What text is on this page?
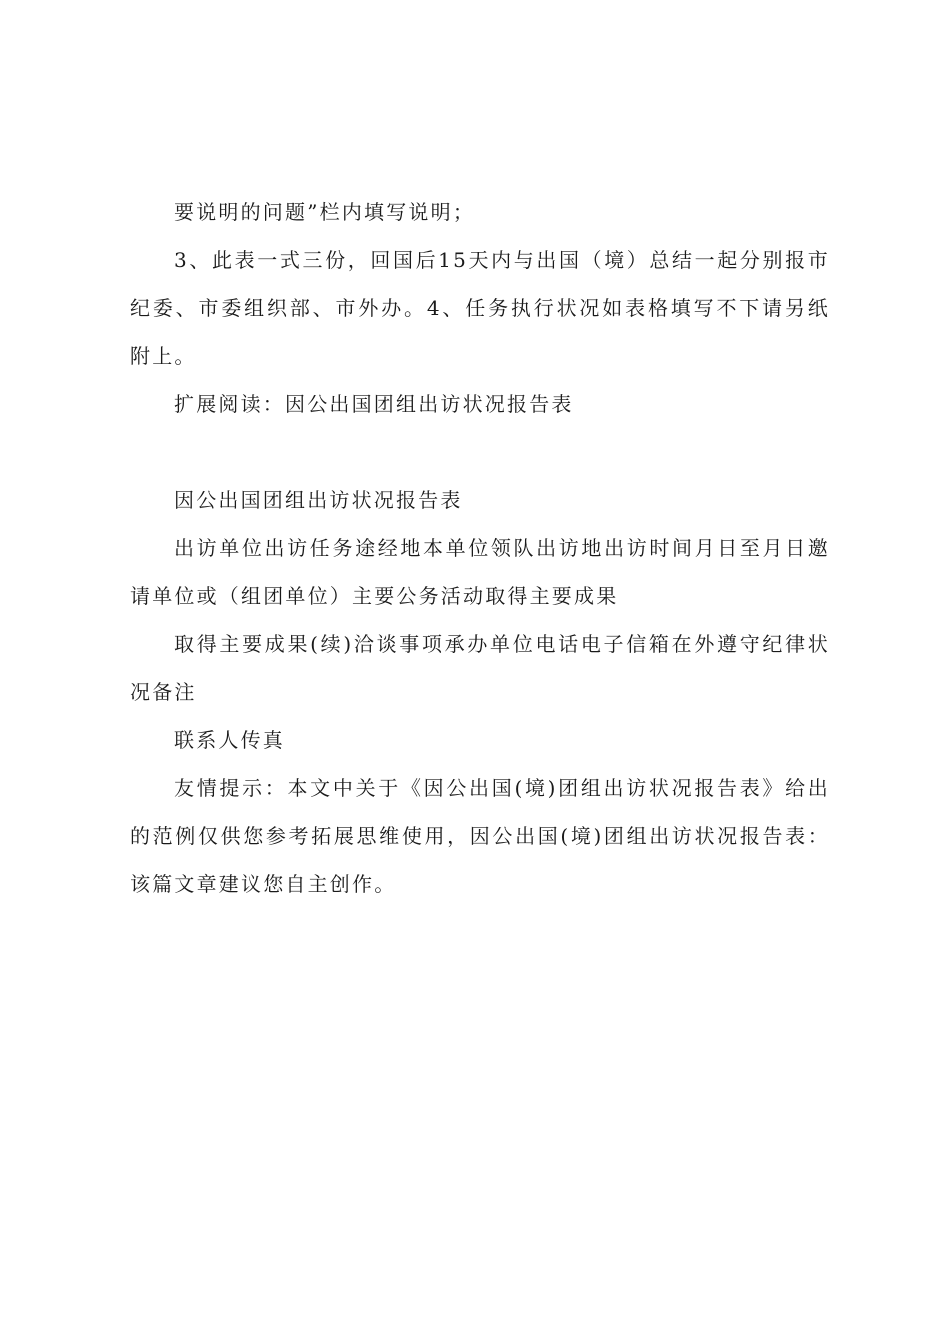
要说明的问题”栏内填写说明；

3、此表一式三份，回国后15天内与出国（境）总结一起分别报市纪委、市委组织部、市外办。4、任务执行状况如表格填写不下请另纸附上。

扩展阅读：因公出国团组出访状况报告表

因公出国团组出访状况报告表

出访单位出访任务途经地本单位领队出访地出访时间月日至月日邀请单位或（组团单位）主要公务活动取得主要成果

取得主要成果(续)洽谈事项承办单位电话电子信箱在外遵守纪律状况备注

联系人传真

友情提示：本文中关于《因公出国(境)团组出访状况报告表》给出的范例仅供您参考拓展思维使用，因公出国(境)团组出访状况报告表：该篇文章建议您自主创作。
